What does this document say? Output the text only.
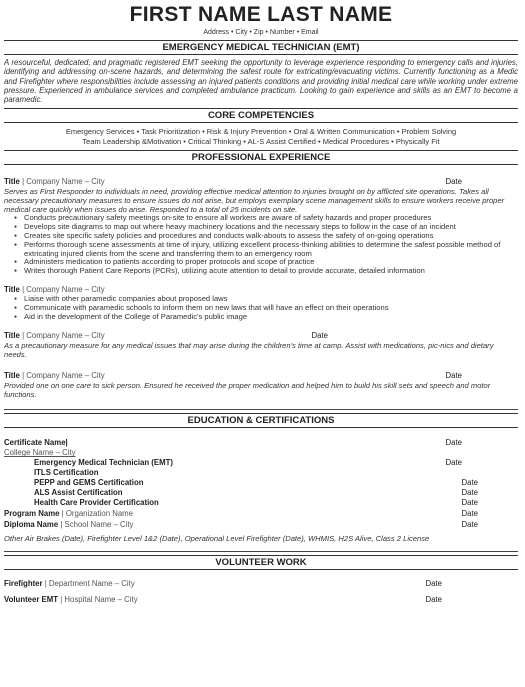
FIRST NAME LAST NAME
Address • City • Zip • Number • Email
EMERGENCY MEDICAL TECHNICIAN (EMT)
A resourceful, dedicated, and pragmatic registered EMT seeking the opportunity to leverage experience responding to emergency calls and injuries, identifying and addressing on-scene hazards, and determining the safest route for extricating/evacuating victims. Currently functioning as a Medic and Firefighter where responsibilities include assessing an injured patients conditions and providing initial medical care while working under extreme pressure. Experienced in ambulance services and completed ambulance practicum. Looking to gain experience and skills as an EMT to become a paramedic.
CORE COMPETENCIES
Emergency Services • Task Prioritization • Risk & Injury Prevention • Oral & Written Communication • Problem Solving
Team Leadership &Motivation • Critical Thinking • AL-S Assist Certified • Medical Procedures • Physically Fit
PROFESSIONAL EXPERIENCE
Title | Company Name – City	Date
Serves as First Responder to individuals in need, providing effective medical attention to injuries brought on by afflicted site operations. Takes all necessary precautionary measures to ensure issues do not arise, but employs exemplary scene management skills to ensure workers receive proper medical care quickly when issues do arise. Responded to a total of 25 incidents on site.
● Conducts precautionary safety meetings on-site to ensure all workers are aware of safety hazards and proper procedures
● Develops site diagrams to map out where heavy machinery locations and the necessary steps to follow in the case of an incident
● Creates site specific safety policies and procedures and conducts walk-abouts to assess the safety of on-going operations
● Performs thorough scene assessments at time of injury, utilizing excellent process-thinking abilities to determine the safest possible method of extricating injured clients from the scene and transferring them to an emergency room
● Administers medication to patients according to proper protocols and scope of practice
● Writes thorough Patient Care Reports (PCRs), utilizing acute attention to detail to provide accurate, detailed information
Title | Company Name – City
● Liaise with other paramedic companies about proposed laws
● Communicate with paramedic schools to inform them on new laws that will have an effect on their operations
● Aid in the development of the College of Paramedic's public image
Title | Company Name – City	Date
As a precautionary measure for any medical issues that may arise during the children's time at camp. Assist with medications, pic-nics and dietary needs.
Title | Company Name – City	Date
Provided one on one care to sick person. Ensured he received the proper medication and helped him to build his skill sets and speech and motor functions.
EDUCATION & CERTIFICATIONS
Certificate Name|	Date
College Name – City
Emergency Medical Technician (EMT)	Date
ITLS Certification
PEPP and GEMS Certification	Date
ALS Assist Certification	Date
Health Care Provider Certification	Date
Program Name | Organization Name	Date
Diploma Name | School Name – City	Date
Other Air Brakes (Date), Firefighter Level 1&2 (Date), Operational Level Firefighter (Date), WHMIS, H2S Alive, Class 2 License
VOLUNTEER WORK
Firefighter | Department Name – City	Date
Volunteer EMT | Hospital Name – City	Date
